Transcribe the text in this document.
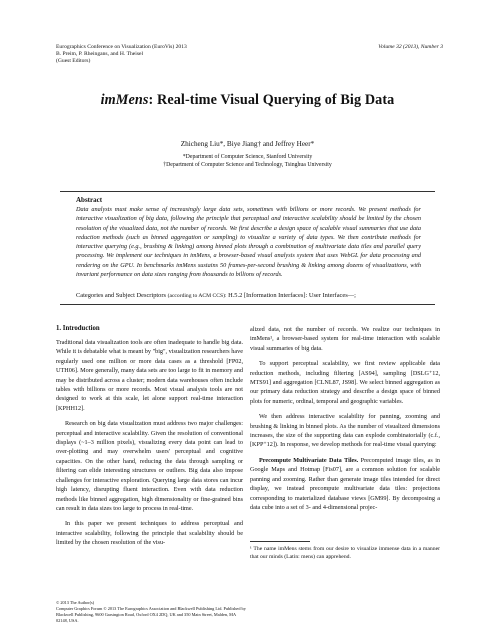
Eurographics Conference on Visualization (EuroVis) 2013
B. Preim, P. Rheingans, and H. Theisel
(Guest Editors)
Volume 32 (2013), Number 3
imMens: Real-time Visual Querying of Big Data
Zhicheng Liu*, Biye Jiang† and Jeffrey Heer*
*Department of Computer Science, Stanford University
†Department of Computer Science and Technology, Tsinghua University
Abstract
Data analysts must make sense of increasingly large data sets, sometimes with billions or more records. We present methods for interactive visualization of big data, following the principle that perceptual and interactive scalability should be limited by the chosen resolution of the visualized data, not the number of records. We first describe a design space of scalable visual summaries that use data reduction methods (such as binned aggregation or sampling) to visualize a variety of data types. We then contribute methods for interactive querying (e.g., brushing & linking) among binned plots through a combination of multivariate data tiles and parallel query processing. We implement our techniques in imMens, a browser-based visual analysis system that uses WebGL for data processing and rendering on the GPU. In benchmarks imMens sustains 50 frames-per-second brushing & linking among dozens of visualizations, with invariant performance on data sizes ranging from thousands to billions of records.
Categories and Subject Descriptors (according to ACM CCS): H.5.2 [Information Interfaces]: User Interfaces—;
1. Introduction

Traditional data visualization tools are often inadequate to handle big data. While it is debatable what is meant by "big", visualization researchers have regularly used one million or more data cases as a threshold [FP02, UTH06]. More generally, many data sets are too large to fit in memory and may be distributed across a cluster; modern data warehouses often include tables with billions or more records. Most visual analysis tools are not designed to work at this scale, let alone support real-time interaction [KPHH12].

Research on big data visualization must address two major challenges: perceptual and interactive scalability. Given the resolution of conventional displays (~1–3 million pixels), visualizing every data point can lead to over-plotting and may overwhelm users' perceptual and cognitive capacities. On the other hand, reducing the data through sampling or filtering can elide interesting structures or outliers. Big data also impose challenges for interactive exploration. Querying large data stores can incur high latency, disrupting fluent interaction. Even with data reduction methods like binned aggregation, high dimensionality or fine-grained bins can result in data sizes too large to process in real-time.

In this paper we present techniques to address perceptual and interactive scalability, following the principle that scalability should be limited by the chosen resolution of the visu-

alized data, not the number of records. We realize our techniques in imMens¹, a browser-based system for real-time interaction with scalable visual summaries of big data.

To support perceptual scalability, we first review applicable data reduction methods, including filtering [AS94], sampling [DSLG⁺12, MTS91] and aggregation [CLNL87, JS98]. We select binned aggregation as our primary data reduction strategy and describe a design space of binned plots for numeric, ordinal, temporal and geographic variables.

We then address interactive scalability for panning, zooming and brushing & linking in binned plots. As the number of visualized dimensions increases, the size of the supporting data can explode combinatorially (c.f., [KPP⁺12]). In response, we develop methods for real-time visual querying:

Precompute Multivariate Data Tiles. Precomputed image tiles, as in Google Maps and Hotmap [Fis07], are a common solution for scalable panning and zooming. Rather than generate image tiles intended for direct display, we instead precompute multivariate data tiles: projections corresponding to materialized database views [GM99]. By decomposing a data cube into a set of 3- and 4-dimensional projec-

¹ The name imMens stems from our desire to visualize immense data in a manner that our minds (Latin: mens) can apprehend.
© 2013 The Author(s)
Computer Graphics Forum © 2013 The Eurographics Association and Blackwell Publishing Ltd. Published by Blackwell Publishing, 9600 Garsington Road, Oxford OX4 2DQ, UK and 350 Main Street, Malden, MA 02148, USA.
